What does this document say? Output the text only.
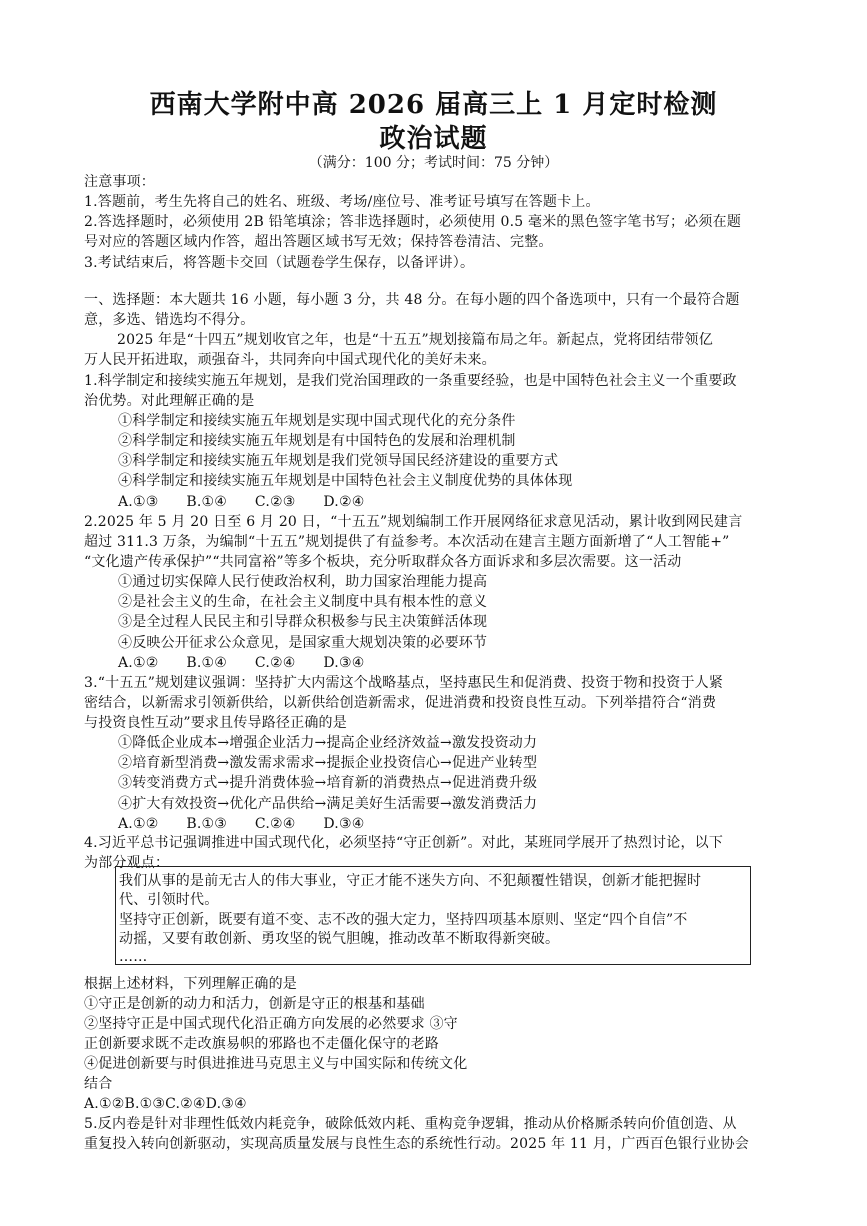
西南大学附中高 2026 届高三上 1 月定时检测
政治试题
（满分：100 分；考试时间：75 分钟）
注意事项：
1.答题前，考生先将自己的姓名、班级、考场/座位号、准考证号填写在答题卡上。
2.答选择题时，必须使用 2B 铅笔填涂；答非选择题时，必须使用 0.5 毫米的黑色签字笔书写；必须在题
号对应的答题区域内作答，超出答题区域书写无效；保持答卷清洁、完整。
3.考试结束后，将答题卡交回（试题卷学生保存，以备评讲）。
一、选择题：本大题共 16 小题，每小题 3 分，共 48 分。在每小题的四个备选项中，只有一个最符合题
意，多选、错选均不得分。
2025 年是“十四五”规划收官之年，也是“十五五”规划接篇布局之年。新起点，党将团结带领亿
万人民开拓进取，顽强奋斗，共同奔向中国式现代化的美好未来。
1.科学制定和接续实施五年规划，是我们党治国理政的一条重要经验，也是中国特色社会主义一个重要政
治优势。对此理解正确的是
①科学制定和接续实施五年规划是实现中国式现代化的充分条件
②科学制定和接续实施五年规划是有中国特色的发展和治理机制
③科学制定和接续实施五年规划是我们党领导国民经济建设的重要方式
④科学制定和接续实施五年规划是中国特色社会主义制度优势的具体体现
A.①③      B.①④      C.②③      D.②④
2.2025 年 5 月 20 日至 6 月 20 日，“十五五”规划编制工作开展网络征求意见活动，累计收到网民建言
超过 311.3 万条，为编制“十五五”规划提供了有益参考。本次活动在建言主题方面新增了“人工智能+”
“文化遗产传承保护”“共同富裕”等多个板块，充分听取群众各方面诉求和多层次需要。这一活动
①通过切实保障人民行使政治权利，助力国家治理能力提高
②是社会主义的生命，在社会主义制度中具有根本性的意义
③是全过程人民民主和引导群众积极参与民主决策鲜活体现
④反映公开征求公众意见，是国家重大规划决策的必要环节
A.①②      B.①④      C.②④      D.③④
3.“十五五”规划建议强调：坚持扩大内需这个战略基点，坚持惠民生和促消费、投资于物和投资于人紧
密结合，以新需求引领新供给，以新供给创造新需求，促进消费和投资良性互动。下列举措符合“消费
与投资良性互动”要求且传导路径正确的是
①降低企业成本→增强企业活力→提高企业经济效益→激发投资动力
②培育新型消费→激发需求需求→提振企业投资信心→促进产业转型
③转变消费方式→提升消费体验→培育新的消费热点→促进消费升级
④扩大有效投资→优化产品供给→满足美好生活需要→激发消费活力
A.①②      B.①③      C.②④      D.③④
4.习近平总书记强调推进中国式现代化，必须坚持“守正创新”。对此，某班同学展开了热烈讨论，以下
为部分观点：
我们从事的是前无古人的伟大事业，守正才能不迷失方向、不犯颠覆性错误，创新才能把握时
代、引领时代。
坚持守正创新，既要有道不变、志不改的强大定力，坚持四项基本原则、坚定“四个自信”不
动摇，又要有敢创新、勇攻坚的锐气胆魄，推动改革不断取得新突破。
……
根据上述材料，下列理解正确的是
①守正是创新的动力和活力，创新是守正的根基和基础
②坚持守正是中国式现代化沿正确方向发展的必然要求 ③守
正创新要求既不走改旗易帜的邪路也不走僵化保守的老路
④促进创新要与时俱进推进马克思主义与中国实际和传统文化
结合
A.①②B.①③C.②④D.③④
5.反内卷是针对非理性低效内耗竞争，破除低效内耗、重构竞争逻辑，推动从价格厮杀转向价值创造、从
重复投入转向创新驱动，实现高质量发展与良性生态的系统性行动。2025 年 11 月，广西百色银行业协会
